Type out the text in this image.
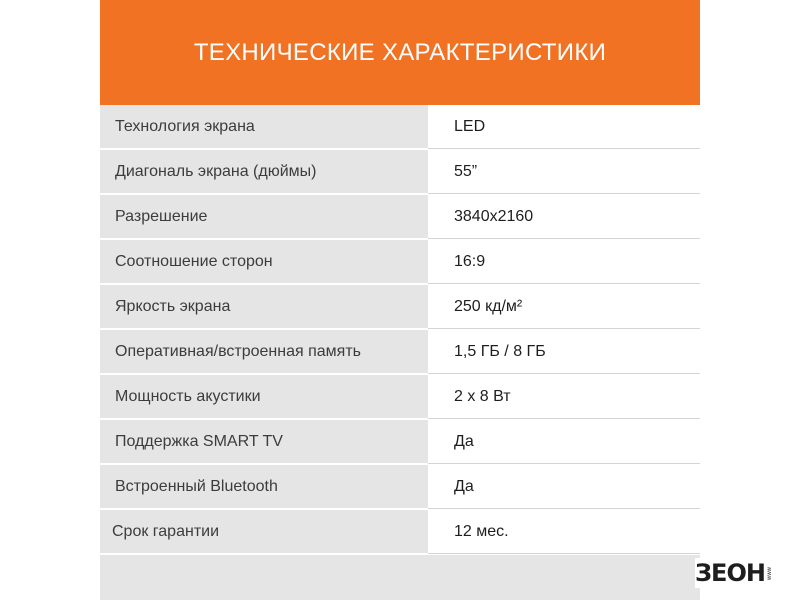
ТЕХНИЧЕСКИЕ ХАРАКТЕРИСТИКИ
Технология экрана	LED
Диагональ экрана (дюймы)	55”
Разрешение	3840x2160
Соотношение сторон	16:9
Яркость экрана	250 кд/м²
Оперативная/встроенная память	1,5 ГБ / 8 ГБ
Мощность акустики	2 x 8 Вт
Поддержка SMART TV	Да
Встроенный Bluetooth	Да
Срок гарантии	12 мес.
ЗЕОН www
